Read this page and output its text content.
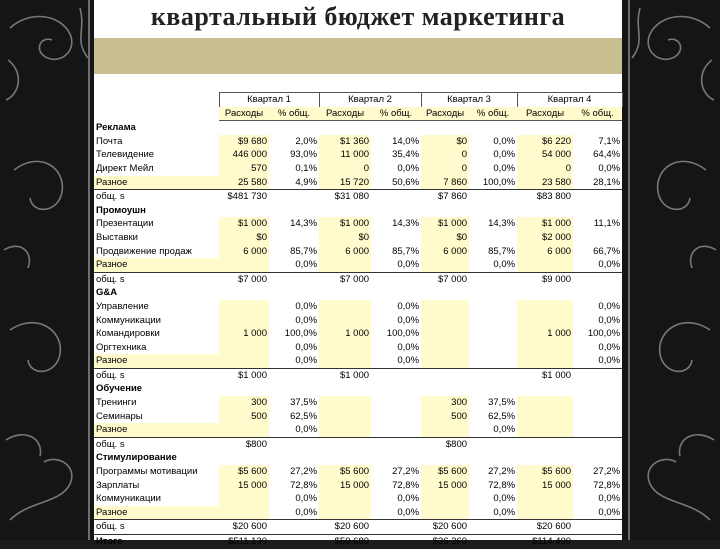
квартальный бюджет маркетинга
	Квартал 1		Квартал 2		Квартал 3		Квартал 4	
	Расходы	% общ.	Расходы	% общ.	Расходы	% общ.	Расходы	% общ.
Реклама								
Почта	$9 680	2,0%	$1 360	14,0%	$0	0,0%	$6 220	7,1%
Телевидение	446 000	93,0%	11 000	35,4%	0	0,0%	54 000	64,4%
Директ Мейл	570	0,1%	0	0,0%	0	0,0%	0	0,0%
Разное	25 580	4,9%	15 720	50,6%	7 860	100,0%	23 580	28,1%
общ. s	$481 730		$31 080		$7 860		$83 800	
Промоушн								
Презентации	$1 000	14,3%	$1 000	14,3%	$1 000	14,3%	$1 000	11,1%
Выставки	$0		$0		$0		$2 000	
Продвижение продаж	6 000	85,7%	6 000	85,7%	6 000	85,7%	6 000	66,7%
Разное		0,0%		0,0%		0,0%		0,0%
общ. s	$7 000		$7 000		$7 000		$9 000	
G&A								
Управление		0,0%		0,0%				0,0%
Коммуникации		0,0%		0,0%				0,0%
Командировки	1 000	100,0%	1 000	100,0%			1 000	100,0%
Оргтехника		0,0%		0,0%				0,0%
Разное		0,0%		0,0%				0,0%
общ. s	$1 000		$1 000				$1 000	
Обучение								
Тренинги	300	37,5%			300	37,5%		
Семинары	500	62,5%			500	62,5%		
Разное		0,0%				0,0%		
общ. s	$800				$800			
Стимулирование								
Программы мотивации	$5 600	27,2%	$5 600	27,2%	$5 600	27,2%	$5 600	27,2%
Зарплаты	15 000	72,8%	15 000	72,8%	15 000	72,8%	15 000	72,8%
Коммуникации		0,0%		0,0%		0,0%		0,0%
Разное		0,0%		0,0%		0,0%		0,0%
общ. s	$20 600		$20 600		$20 600		$20 600	
Итого	$511 130		$59 680		$36 260		$114 400	
